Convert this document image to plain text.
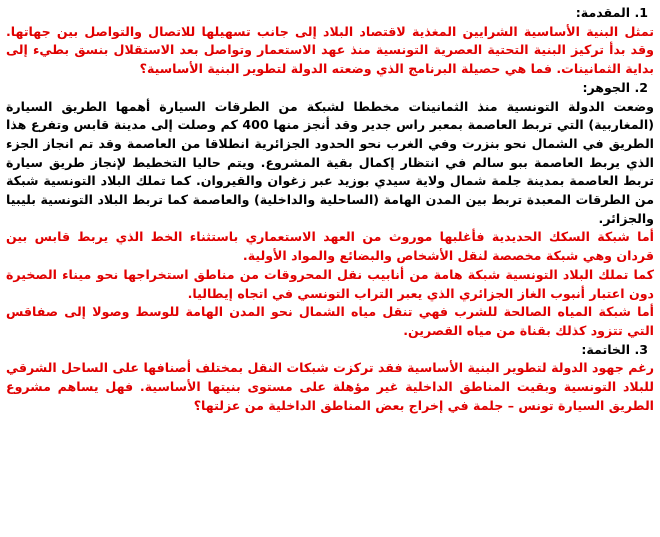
1. المقدمة:

تمثل البنية الأساسية الشرايين المغذية لاقتصاد البلاد إلى جانب تسهيلها للاتصال والتواصل بين جهاتها. وقد بدأ تركيز البنية التحتية العصرية التونسية منذ عهد الاستعمار وتواصل بعد الاستقلال بنسق بطيء إلى بداية الثمانينات. فما هي حصيلة البرنامج الذي وضعته الدولة لتطوير البنية الأساسية؟

2. الجوهر:

وضعت الدولة التونسية منذ الثمانينات مخططا لشبكة من الطرقات السيارة أهمها الطريق السيارة (المغاربية) التي تربط العاصمة بمعبر راس جدير وقد أنجز منها 400 كم وصلت إلى مدينة قابس وتفرع هذا الطريق في الشمال نحو بنزرت وفي الغرب نحو الحدود الجزائرية انطلاقا من العاصمة وقد تم انجاز الجزء الذي يربط العاصمة ببو سالم في انتظار إكمال بقية المشروع. ويتم حاليا التخطيط لإنجاز طريق سيارة تربط العاصمة بمدينة جلمة شمال ولاية سيدي بوزيد عبر زغوان والقيروان. كما تملك البلاد التونسية شبكة من الطرقات المعبدة تربط بين المدن الهامة (الساحلية والداخلية) والعاصمة كما تربط البلاد التونسية بليبيا والجزائر.

أما شبكة السكك الحديدية فأغلبها موروث من العهد الاستعماري باستثناء الخط الذي يربط قابس بين قردان وهي شبكة مخصصة لنقل الأشخاص والبضائع والمواد الأولية.

كما تملك البلاد التونسية شبكة هامة من أنابيب نقل المحروقات من مناطق استخراجها نحو ميناء الصخيرة دون اعتبار أنبوب الغاز الجزائري الذي يعبر التراب التونسي في اتجاه إيطاليا.

أما شبكة المياه الصالحة للشرب فهي تنقل مياه الشمال نحو المدن الهامة للوسط وصولا إلى صفاقس التي تتزود كذلك بقناة من مياه القصرين.

3. الخاتمة:

رغم جهود الدولة لتطوير البنية الأساسية فقد تركزت شبكات النقل بمختلف أصنافها على الساحل الشرقي للبلاد التونسية وبقيت المناطق الداخلية غير مؤهلة على مستوى بنيتها الأساسية. فهل يساهم مشروع الطريق السيارة تونس – جلمة في إخراج بعض المناطق الداخلية من عزلتها؟
